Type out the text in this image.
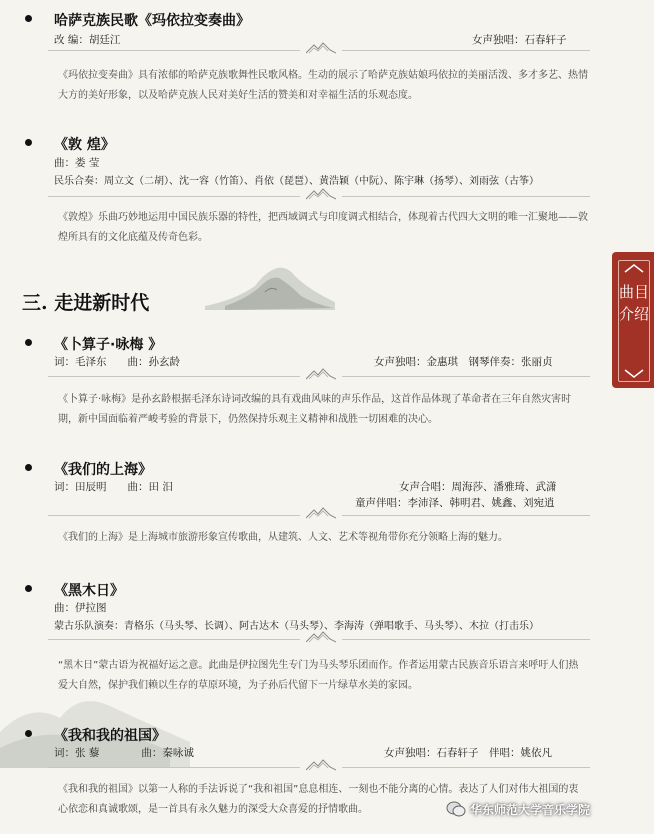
哈萨克族民歌《玛依拉变奏曲》
改 编：胡廷江	女声独唱：石春轩子
《玛依拉变奏曲》具有浓郁的哈萨克族歌舞性民歌风格。生动的展示了哈萨克族姑娘玛依拉的美丽活泼、多才多艺、热情大方的美好形象，以及哈萨克族人民对美好生活的赞美和对幸福生活的乐观态度。
《敦 煌》
曲：娄 莹
民乐合奏：周立文（二胡）、沈一容（竹笛）、肖依（琵琶）、黄浩颖（中阮）、陈宇琳（扬琴）、刘雨弦（古筝）
《敦煌》乐曲巧妙地运用中国民族乐器的特性，把西域调式与印度调式相结合，体现着古代四大文明的唯一汇聚地——敦煌所具有的文化底蕴及传奇色彩。
三. 走进新时代	曲目介绍
《卜算子·咏梅 》
词：毛泽东　　曲：孙玄龄	女声独唱：金惠琪　钢琴伴奏：张丽贞
《卜算子·咏梅》是孙玄龄根据毛泽东诗词改编的具有戏曲风味的声乐作品，这首作品体现了革命者在三年自然灾害时期，新中国面临着严峻考验的背景下，仍然保持乐观主义精神和战胜一切困难的决心。
《我们的上海》
词：田辰明　　曲：田 汨	女声合唱：周海莎、潘雅琦、武潇
童声伴唱：李沛泽、韩明君、姚鑫、刘宛逍
《我们的上海》是上海城市旅游形象宣传歌曲，从建筑、人文、艺术等视角带你充分领略上海的魅力。
《黑木日》
曲：伊拉图
蒙古乐队演奏：青格乐（马头琴、长调）、阿古达木（马头琴）、李海涛（弹唱歌手、马头琴）、木拉（打击乐）
“黑木日”蒙古语为祝福好运之意。此曲是伊拉图先生专门为马头琴乐团而作。作者运用蒙古民族音乐语言来呼吁人们热爱大自然，保护我们赖以生存的草原环境，为子孙后代留下一片绿草水美的家园。
《我和我的祖国》
词：张 藜　　　　曲：秦咏诚	女声独唱：石春轩子　伴唱：姚依凡
《我和我的祖国》以第一人称的手法诉说了“我和祖国”息息相连、一刻也不能分离的心情。表达了人们对伟大祖国的衷心依恋和真诚歌颂，是一首具有永久魅力的深受大众喜爱的抒情歌曲。	华东师范大学音乐学院
